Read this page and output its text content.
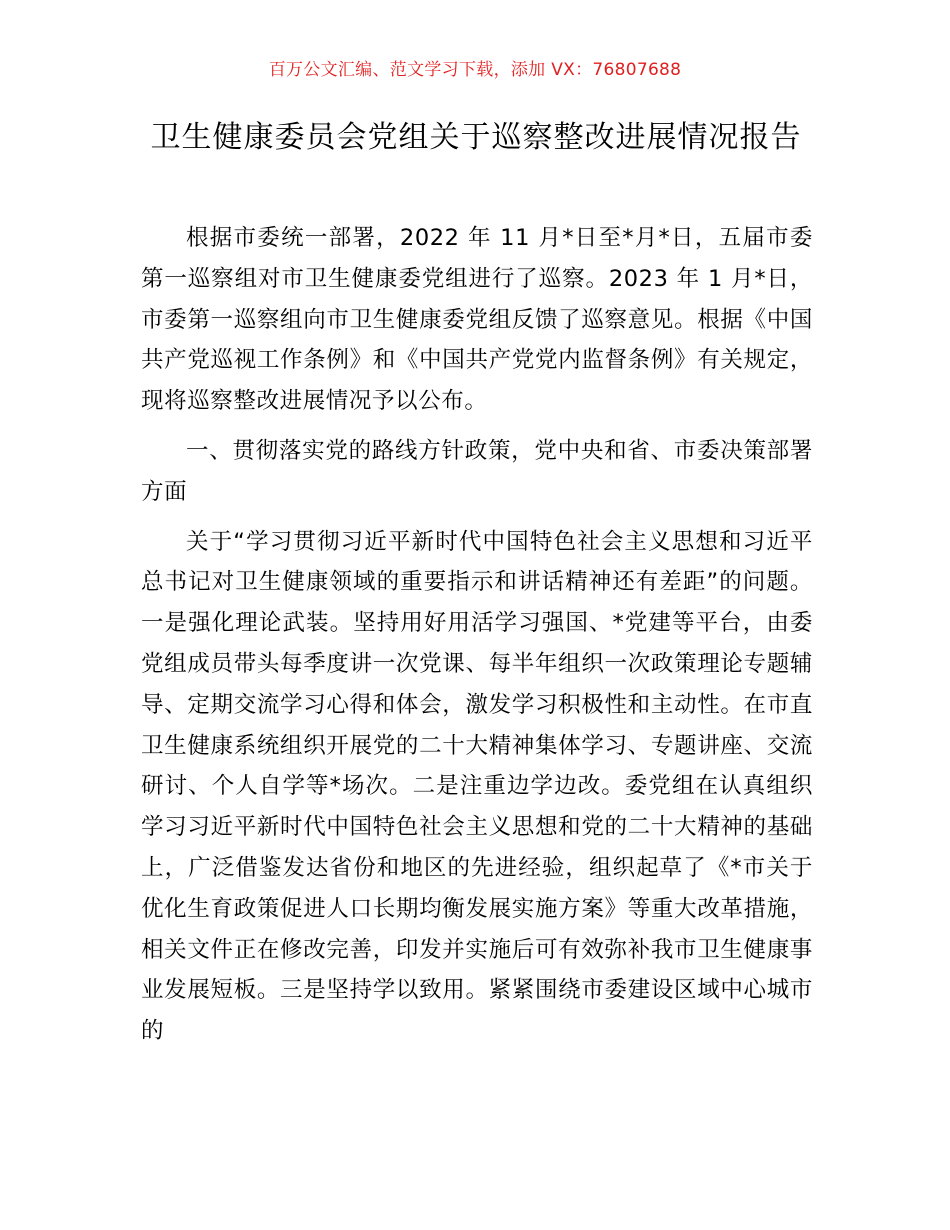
百万公文汇编、范文学习下载，添加 VX：76807688
卫生健康委员会党组关于巡察整改进展情况报告

根据市委统一部署，2022 年 11 月*日至*月*日，五届市委第一巡察组对市卫生健康委党组进行了巡察。2023 年 1 月*日，市委第一巡察组向市卫生健康委党组反馈了巡察意见。根据《中国共产党巡视工作条例》和《中国共产党党内监督条例》有关规定，现将巡察整改进展情况予以公布。

一、贯彻落实党的路线方针政策，党中央和省、市委决策部署方面

关于“学习贯彻习近平新时代中国特色社会主义思想和习近平总书记对卫生健康领域的重要指示和讲话精神还有差距”的问题。一是强化理论武装。坚持用好用活学习强国、*党建等平台，由委党组成员带头每季度讲一次党课、每半年组织一次政策理论专题辅导、定期交流学习心得和体会，激发学习积极性和主动性。在市直卫生健康系统组织开展党的二十大精神集体学习、专题讲座、交流研讨、个人自学等*场次。二是注重边学边改。委党组在认真组织学习习近平新时代中国特色社会主义思想和党的二十大精神的基础上，广泛借鉴发达省份和地区的先进经验，组织起草了《*市关于优化生育政策促进人口长期均衡发展实施方案》等重大改革措施，相关文件正在修改完善，印发并实施后可有效弥补我市卫生健康事业发展短板。三是坚持学以致用。紧紧围绕市委建设区域中心城市的
